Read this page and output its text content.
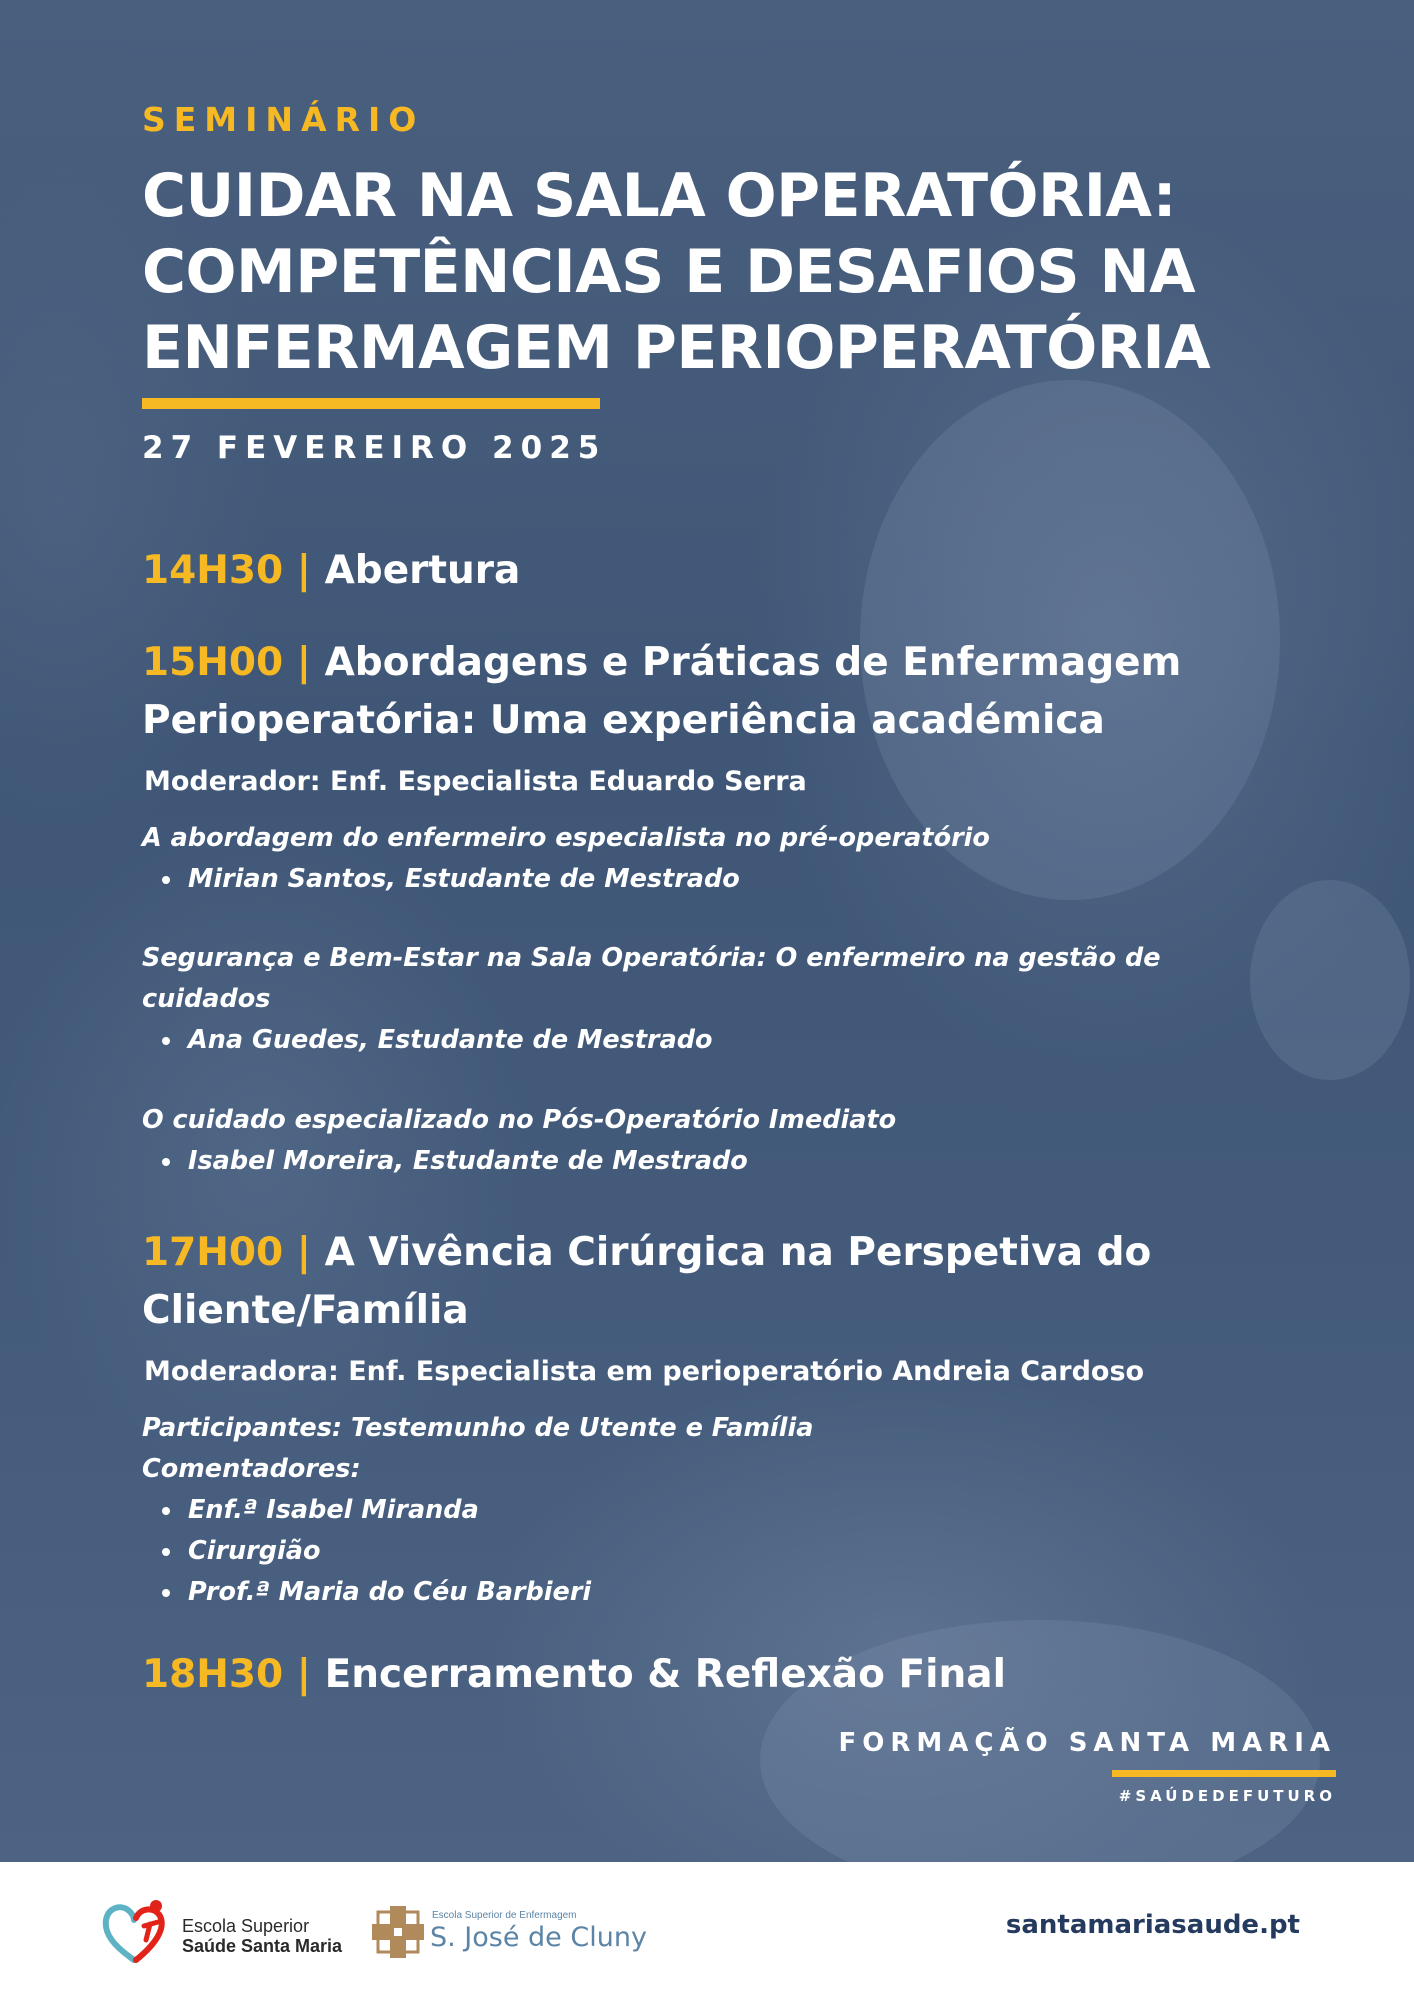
SEMINÁRIO
CUIDAR NA SALA OPERATÓRIA:
COMPETÊNCIAS E DESAFIOS NA
ENFERMAGEM PERIOPERATÓRIA
27 FEVEREIRO 2025
14H30 | Abertura
15H00 | Abordagens e Práticas de Enfermagem
Perioperatória: Uma experiência académica
Moderador: Enf. Especialista Eduardo Serra
A abordagem do enfermeiro especialista no pré-operatório
Mirian Santos, Estudante de Mestrado
Segurança e Bem-Estar na Sala Operatória: O enfermeiro na gestão de
cuidados
Ana Guedes, Estudante de Mestrado
O cuidado especializado no Pós-Operatório Imediato
Isabel Moreira, Estudante de Mestrado
17H00 | A Vivência Cirúrgica na Perspetiva do
Cliente/Família
Moderadora: Enf. Especialista em perioperatório Andreia Cardoso
Participantes: Testemunho de Utente e Família
Comentadores:
Enf.ª Isabel Miranda
Cirurgião
Prof.ª Maria do Céu Barbieri
18H30 | Encerramento & Reflexão Final
FORMAÇÃO SANTA MARIA
#SAÚDEDEFUTURO
Escola Superior
Saúde Santa Maria
Escola Superior de Enfermagem
S. José de Cluny	santamariasaude.pt
